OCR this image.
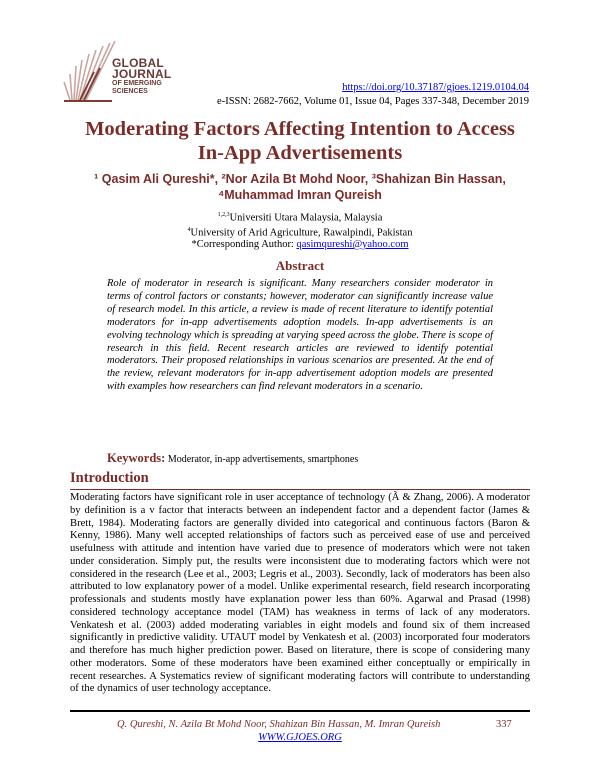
GLOBAL
JOURNAL
OF EMERGING
SCIENCES	https://doi.org/10.37187/gjoes.1219.0104.04
e-ISSN: 2682-7662, Volume 01, Issue 04, Pages 337-348, December 2019
Moderating Factors Affecting Intention to Access
In-App Advertisements
¹ Qasim Ali Qureshi*, ²Nor Azila Bt Mohd Noor, ³Shahizan Bin Hassan,
⁴Muhammad Imran Qureish
$^{1,2,3}$Universiti Utara Malaysia, Malaysia
$^4$University of Arid Agriculture, Rawalpindi, Pakistan
*Corresponding Author: qasimqureshi@yahoo.com
Abstract
Role of moderator in research is significant. Many researchers consider moderator in terms of control factors or constants; however, moderator can significantly increase value of research model. In this article, a review is made of recent literature to identify potential moderators for in-app advertisements adoption models. In-app advertisements is an evolving technology which is spreading at varying speed across the globe. There is scope of research in this field. Recent research articles are reviewed to identify potential moderators. Their proposed relationships in various scenarios are presented. At the end of the review, relevant moderators for in-app advertisement adoption models are presented with examples how researchers can find relevant moderators in a scenario.
Keywords: Moderator, in-app advertisements, smartphones
Introduction
Moderating factors have significant role in user acceptance of technology (Ã & Zhang, 2006). A moderator by definition is a v factor that interacts between an independent factor and a dependent factor (James & Brett, 1984). Moderating factors are generally divided into categorical and continuous factors (Baron & Kenny, 1986). Many well accepted relationships of factors such as perceived ease of use and perceived usefulness with attitude and intention have varied due to presence of moderators which were not taken under consideration. Simply put, the results were inconsistent due to moderating factors which were not considered in the research (Lee et al., 2003; Legris et al., 2003). Secondly, lack of moderators has been also attributed to low explanatory power of a model. Unlike experimental research, field research incorporating professionals and students mostly have explanation power less than 60%. Agarwal and Prasad (1998) considered technology acceptance model (TAM) has weakness in terms of lack of any moderators. Venkatesh et al. (2003) added moderating variables in eight models and found six of them increased significantly in predictive validity. UTAUT model by Venkatesh et al. (2003) incorporated four moderators and therefore has much higher prediction power. Based on literature, there is scope of considering many other moderators. Some of these moderators have been examined either conceptually or empirically in recent researches. A Systematics review of significant moderating factors will contribute to understanding of the dynamics of user technology acceptance.
Q. Qureshi, N. Azila Bt Mohd Noor, Shahizan Bin Hassan, M. Imran Qureish	337
WWW.GJOES.ORG
